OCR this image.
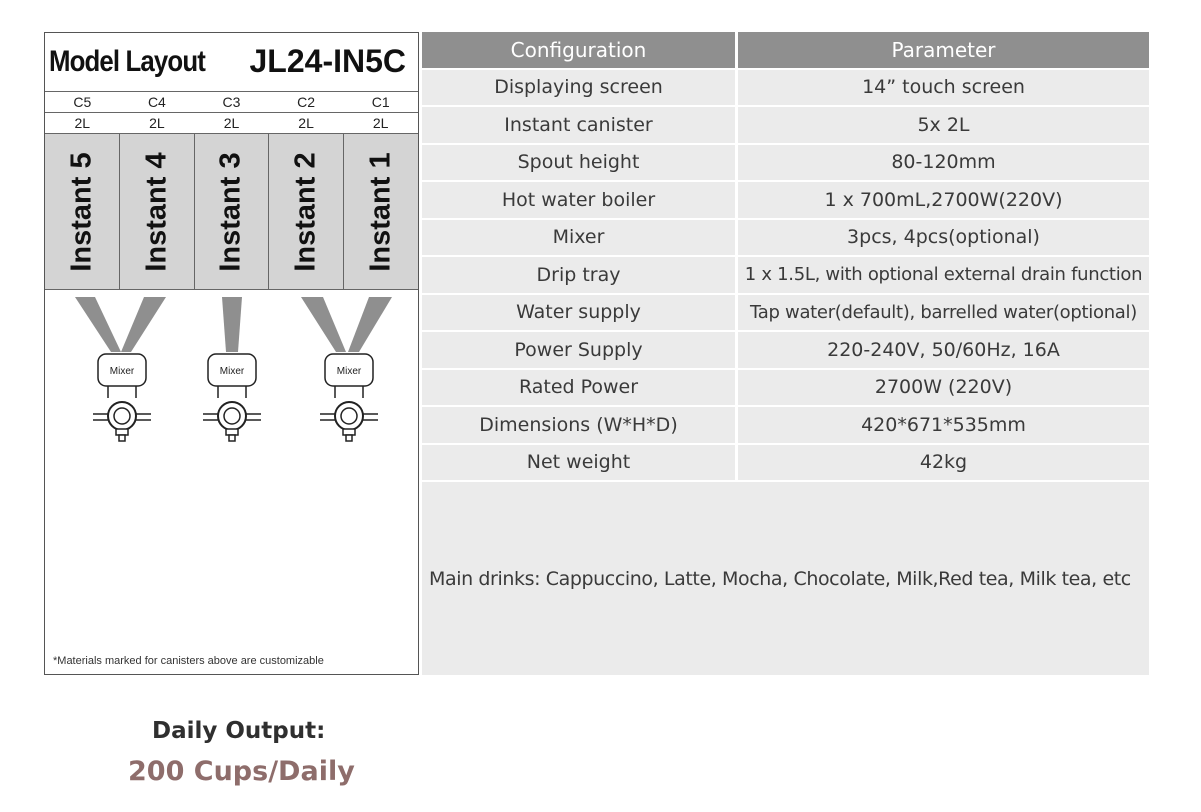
Model Layout JL24-IN5C
C5	C4	C3	C2	C1
2L	2L	2L	2L	2L
Instant 5 Instant 4 Instant 3 Instant 2 Instant 1
Mixer	Mixer	Mixer
*Materials marked for canisters above are customizable
Configuration	Parameter
Displaying screen	14” touch screen
Instant canister	5x 2L
Spout height	80-120mm
Hot water boiler	1 x 700mL,2700W(220V)
Mixer	3pcs, 4pcs(optional)
Drip tray	1 x 1.5L, with optional external drain function
Water supply	Tap water(default), barrelled water(optional)
Power Supply	220-240V, 50/60Hz, 16A
Rated Power	2700W (220V)
Dimensions (W*H*D)	420*671*535mm
Net weight	42kg
Main drinks: Cappuccino, Latte, Mocha, Chocolate, Milk,Red tea, Milk tea, etc
Daily Output:
200 Cups/Daily
